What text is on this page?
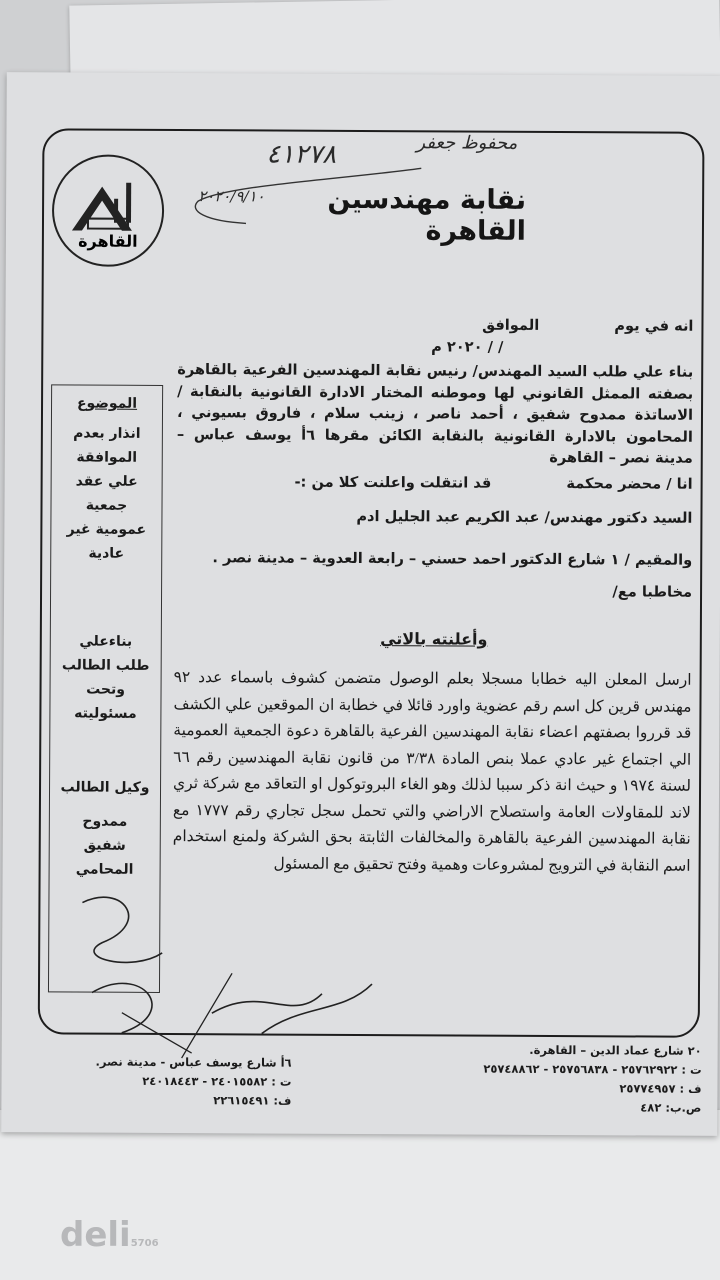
deli5706
القاهرة
نقابة مهندسين القاهرة
٤١٢٧٨	محفوظ جعفر
٢٠٢٠/٩/١٠
انه في يوم الموافق
/ / ٢٠٢٠ م
بناء علي طلب السيد المهندس/ رنيس نقابة المهندسين الفرعية بالقاهرة بصفته الممثل القانوني لها وموطنه المختار الادارة القانونية بالنقابة / الاساتذة ممدوح شفيق ، أحمد ناصر ، زينب سلام ، فاروق بسيوني ، المحامون بالادارة القانونية بالنقابة الكائن مقرها ٦أ يوسف عباس – مدينة نصر – القاهرة
انا / محضر محكمة قد انتقلت واعلنت كلا من :-
السيد دكتور مهندس/ عبد الكريم عبد الجليل ادم
والمقيم / ١ شارع الدكتور احمد حسني – رابعة العدوية – مدينة نصر .
مخاطبا مع/
وأعلنته بالاتي
ارسل المعلن اليه خطابا مسجلا بعلم الوصول متضمن كشوف باسماء عدد ٩٢ مهندس قرين كل اسم رقم عضوية واورد قائلا في خطابة ان الموقعين علي الكشف قد قرروا بصفتهم اعضاء نقابة المهندسين الفرعية بالقاهرة دعوة الجمعية العمومية الي اجتماع غير عادي عملا بنص المادة ٣/٣٨ من قانون نقابة المهندسين رقم ٦٦ لسنة ١٩٧٤ و حيث انة ذكر سببا لذلك وهو الغاء البروتوكول او التعاقد مع شركة ثري لاند للمقاولات العامة واستصلاح الاراضي والتي تحمل سجل تجاري رقم ١٧٧٧ مع نقابة المهندسين الفرعية بالقاهرة والمخالفات الثابتة بحق الشركة ولمنع استخدام اسم النقابة في الترويج لمشروعات وهمية وفتح تحقيق مع المسئول
الموضوع
انذار بعدم
الموافقة
علي عقد
جمعية
عمومية غير
عادية
بناءعلي
طلب الطالب
وتحت
مسئوليته
وكيل الطالب
ممدوح
شفيق
المحامي
٢٠ شارع عماد الدين – القاهرة.
ت : ٢٥٧٦٢٩٢٢ - ٢٥٧٥٦٨٣٨ - ٢٥٧٤٨٨٦٢
ف : ٢٥٧٧٤٩٥٧
ص.ب: ٤٨٢
٦أ شارع يوسف عباس - مدينة نصر.
ت : ٢٤٠١٥٥٨٢ - ٢٤٠١٨٤٤٣
ف: ٢٢٦١٥٤٩١
